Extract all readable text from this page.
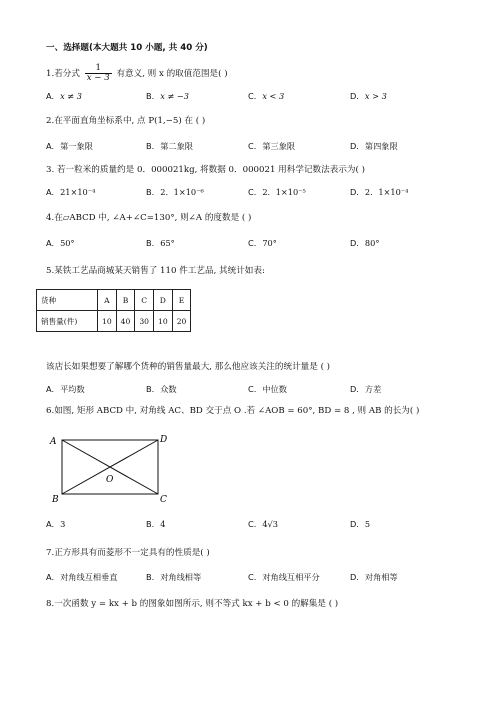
一、选择题(本大题共 10 小题, 共 40 分)
1.若分式 $\frac{1}{x - 3}$ 有意义, 则 x 的取值范围是( )
A. x ≠ 3	B. x ≠ −3	C. x < 3	D. x > 3
2.在平面直角坐标系中, 点 P(1,−5) 在 ( )
A. 第一象限	B. 第二象限	C. 第三象限	D. 第四象限
3. 若一粒米的质量约是 0．000021kg, 将数据 0．000021 用科学记数法表示为( )
A. 21×10⁻⁴	B. 2．1×10⁻⁶	C. 2．1×10⁻⁵	D. 2．1×10⁻⁴
4.在▱ABCD 中, ∠A+∠C=130°, 则∠A 的度数是 ( )
A. 50°	B. 65°	C. 70°	D. 80°
5.某铁工艺品商城某天销售了 110 件工艺品, 其统计如表:
货种	A	B	C	D	E
销售量(件)	10	40	30	10	20
该店长如果想要了解哪个货种的销售量最大, 那么他应该关注的统计量是 ( )
A. 平均数	B. 众数	C. 中位数	D. 方差
6.如图, 矩形 ABCD 中, 对角线 AC、BD 交于点 O .若 ∠AOB = 60°, BD = 8 , 则 AB 的长为( )
A	D
B	C
O
A. 3	B. 4	C. 4√3	D. 5
7.正方形具有而菱形不一定具有的性质是( )
A. 对角线互相垂直	B. 对角线相等	C. 对角线互相平分	D. 对角相等
8.一次函数 y = kx + b 的图象如图所示, 则不等式 kx + b < 0 的解集是 ( )
